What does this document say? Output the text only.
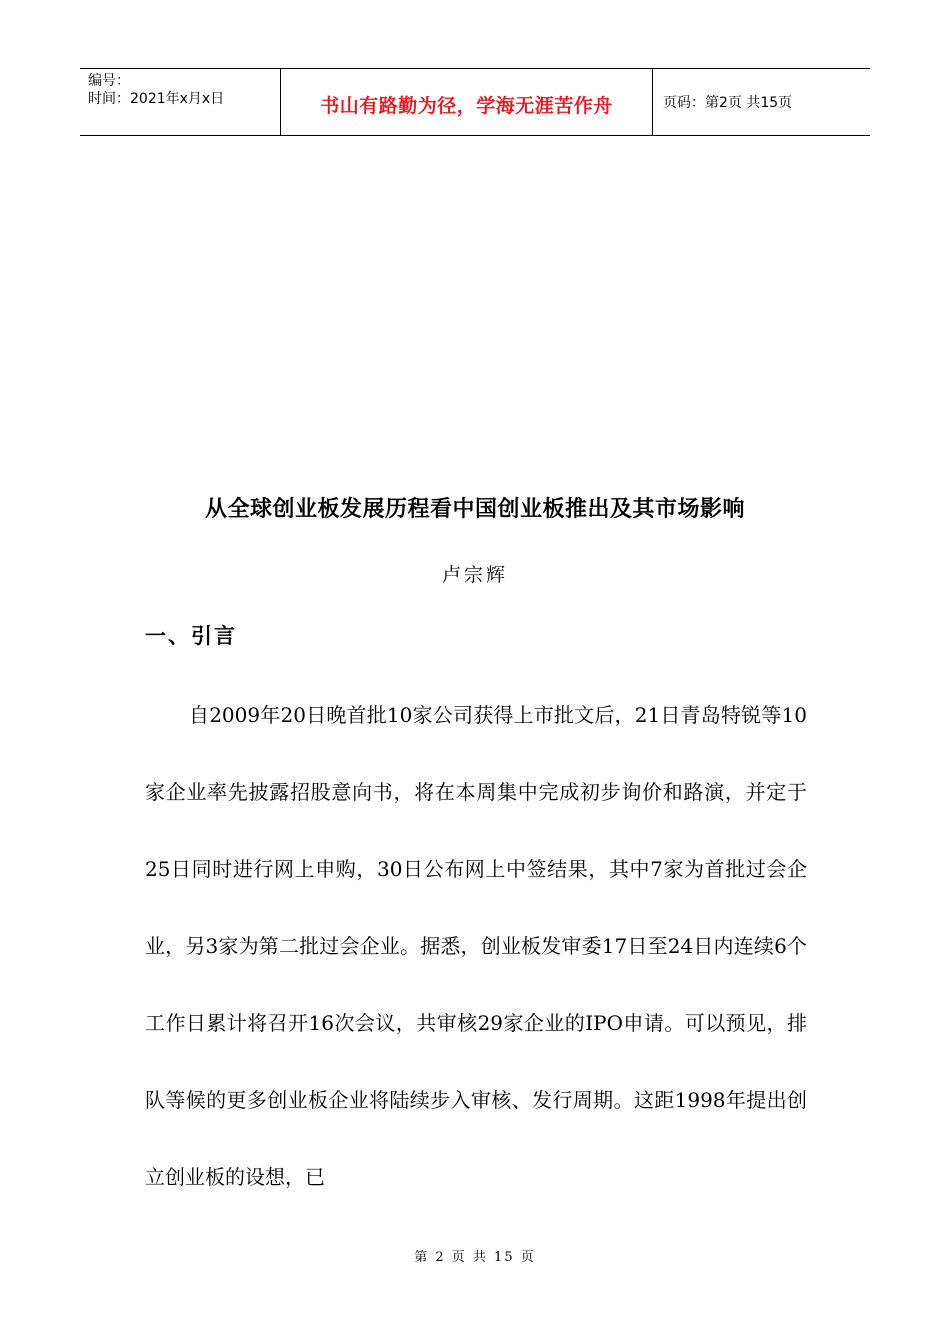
编号：
时间：2021年x月x日	书山有路勤为径，学海无涯苦作舟	页码：第2页 共15页
从全球创业板发展历程看中国创业板推出及其市场影响
卢宗辉
一、引言

自2009年20日晚首批10家公司获得上市批文后，21日青岛特锐等10家企业率先披露招股意向书，将在本周集中完成初步询价和路演，并定于25日同时进行网上申购，30日公布网上中签结果，其中7家为首批过会企业，另3家为第二批过会企业。据悉，创业板发审委17日至24日内连续6个工作日累计将召开16次会议，共审核29家企业的IPO申请。可以预见，排队等候的更多创业板企业将陆续步入审核、发行周期。这距1998年提出创立创业板的设想，已

第 2 页 共 15 页
